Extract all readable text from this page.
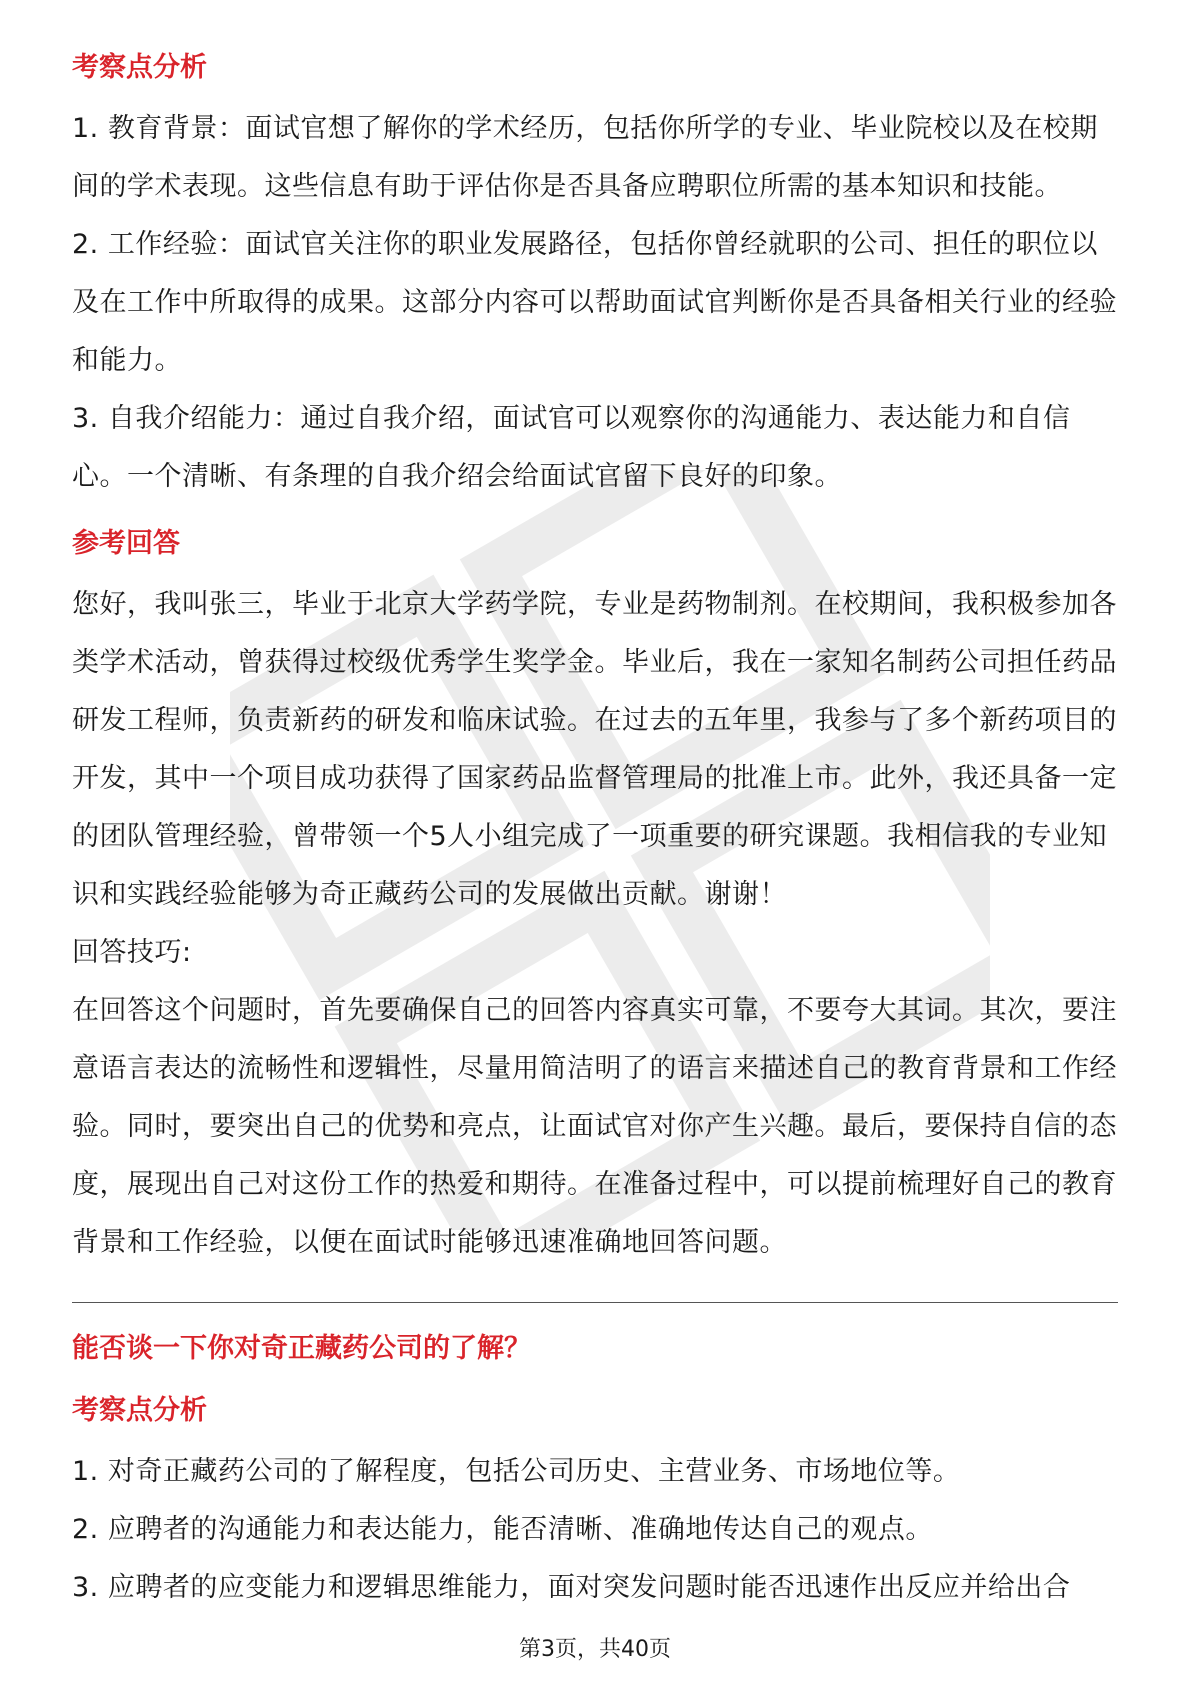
考察点分析

1. 教育背景：面试官想了解你的学术经历，包括你所学的专业、毕业院校以及在校期间的学术表现。这些信息有助于评估你是否具备应聘职位所需的基本知识和技能。

2. 工作经验：面试官关注你的职业发展路径，包括你曾经就职的公司、担任的职位以及在工作中所取得的成果。这部分内容可以帮助面试官判断你是否具备相关行业的经验和能力。

3. 自我介绍能力：通过自我介绍，面试官可以观察你的沟通能力、表达能力和自信心。一个清晰、有条理的自我介绍会给面试官留下良好的印象。

参考回答

您好，我叫张三，毕业于北京大学药学院，专业是药物制剂。在校期间，我积极参加各类学术活动，曾获得过校级优秀学生奖学金。毕业后，我在一家知名制药公司担任药品研发工程师，负责新药的研发和临床试验。在过去的五年里，我参与了多个新药项目的开发，其中一个项目成功获得了国家药品监督管理局的批准上市。此外，我还具备一定的团队管理经验，曾带领一个5人小组完成了一项重要的研究课题。我相信我的专业知识和实践经验能够为奇正藏药公司的发展做出贡献。谢谢！

回答技巧:

在回答这个问题时，首先要确保自己的回答内容真实可靠，不要夸大其词。其次，要注意语言表达的流畅性和逻辑性，尽量用简洁明了的语言来描述自己的教育背景和工作经验。同时，要突出自己的优势和亮点，让面试官对你产生兴趣。最后，要保持自信的态度，展现出自己对这份工作的热爱和期待。在准备过程中，可以提前梳理好自己的教育背景和工作经验，以便在面试时能够迅速准确地回答问题。

能否谈一下你对奇正藏药公司的了解？
考察点分析

1. 对奇正藏药公司的了解程度，包括公司历史、主营业务、市场地位等。

2. 应聘者的沟通能力和表达能力，能否清晰、准确地传达自己的观点。

3. 应聘者的应变能力和逻辑思维能力，面对突发问题时能否迅速作出反应并给出合

第3页，共40页
